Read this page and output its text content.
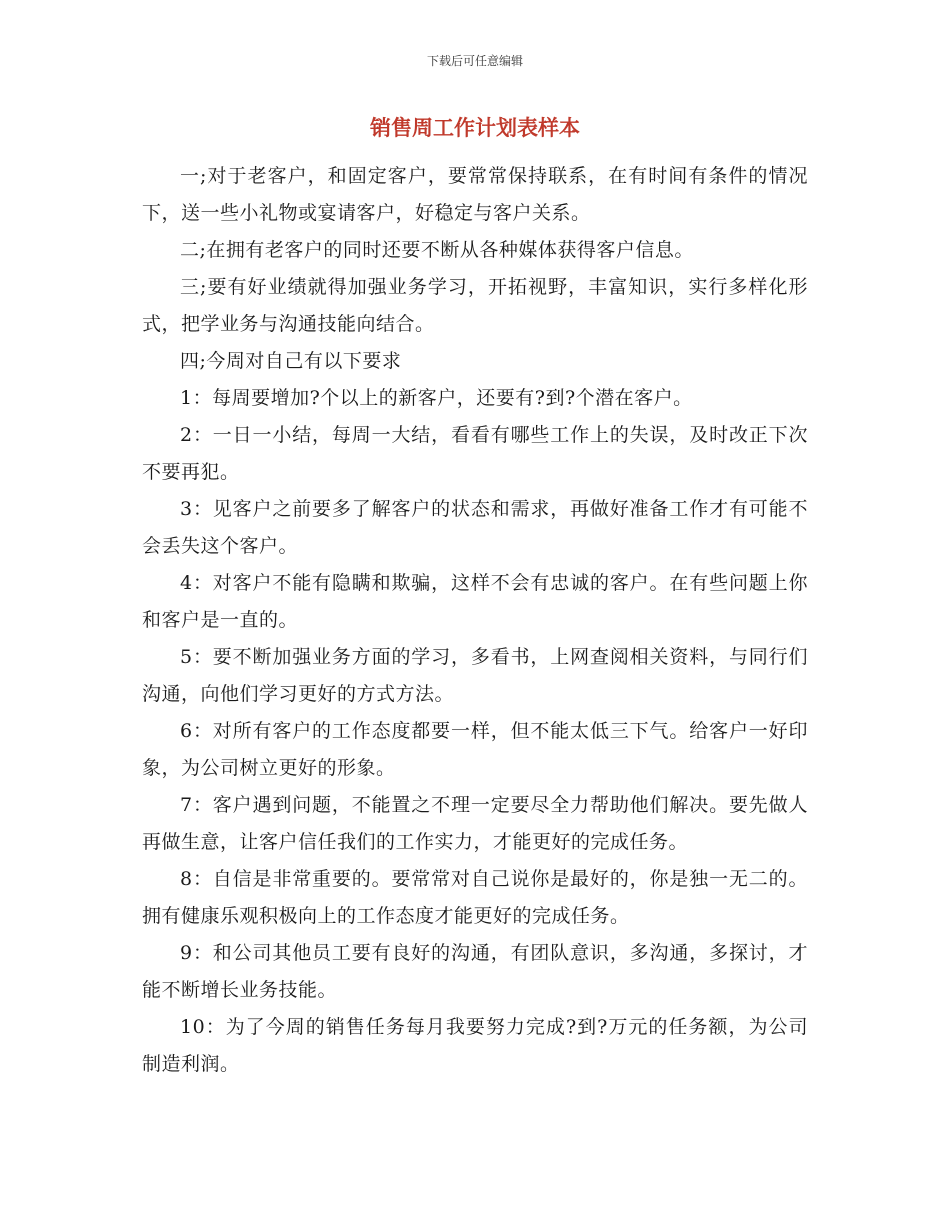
下载后可任意编辑
销售周工作计划表样本

一;对于老客户，和固定客户，要常常保持联系，在有时间有条件的情况下，送一些小礼物或宴请客户，好稳定与客户关系。

二;在拥有老客户的同时还要不断从各种媒体获得客户信息。

三;要有好业绩就得加强业务学习，开拓视野，丰富知识，实行多样化形式，把学业务与沟通技能向结合。

四;今周对自己有以下要求

1：每周要增加?个以上的新客户，还要有?到?个潜在客户。

2：一日一小结，每周一大结，看看有哪些工作上的失误，及时改正下次不要再犯。

3：见客户之前要多了解客户的状态和需求，再做好准备工作才有可能不会丢失这个客户。

4：对客户不能有隐瞒和欺骗，这样不会有忠诚的客户。在有些问题上你和客户是一直的。

5：要不断加强业务方面的学习，多看书，上网查阅相关资料，与同行们沟通，向他们学习更好的方式方法。

6：对所有客户的工作态度都要一样，但不能太低三下气。给客户一好印象，为公司树立更好的形象。

7：客户遇到问题，不能置之不理一定要尽全力帮助他们解决。要先做人再做生意，让客户信任我们的工作实力，才能更好的完成任务。

8：自信是非常重要的。要常常对自己说你是最好的，你是独一无二的。拥有健康乐观积极向上的工作态度才能更好的完成任务。

9：和公司其他员工要有良好的沟通，有团队意识，多沟通，多探讨，才能不断增长业务技能。

10：为了今周的销售任务每月我要努力完成?到?万元的任务额，为公司制造利润。
